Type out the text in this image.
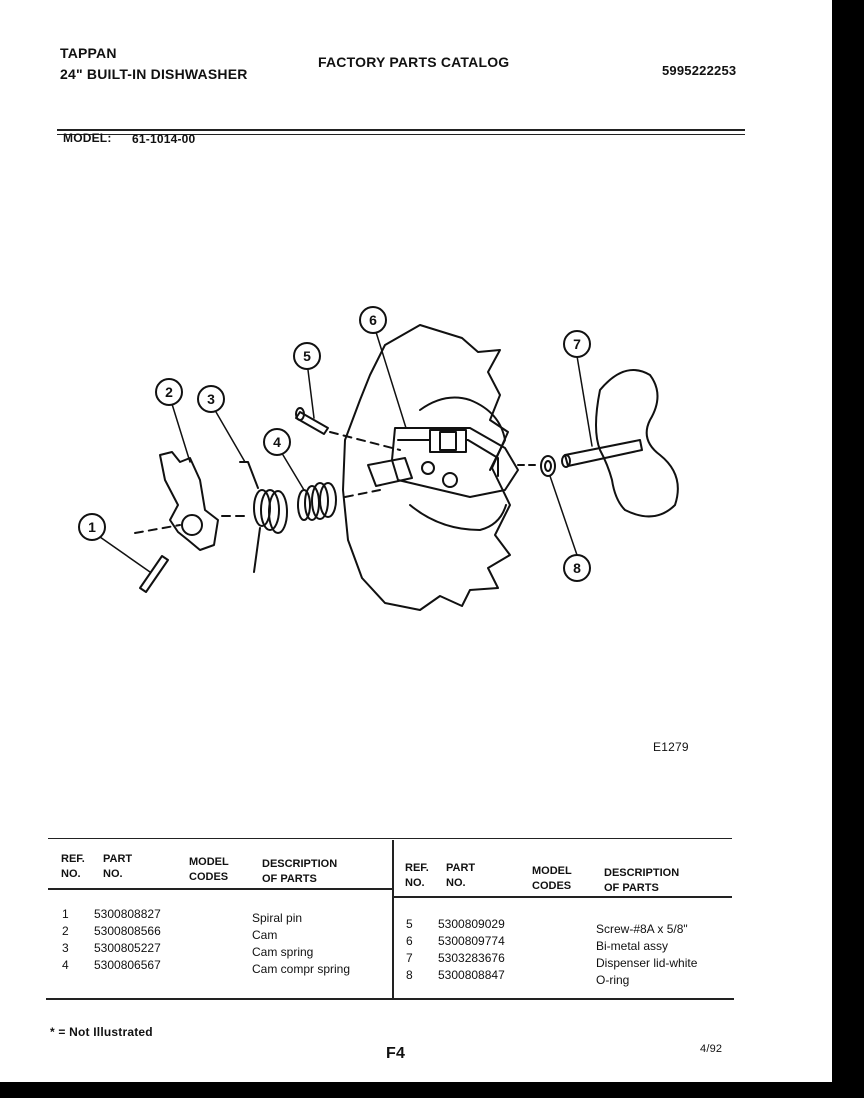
TAPPAN
24" BUILT-IN DISHWASHER
FACTORY PARTS CATALOG
5995222253
MODEL: 61-1014-00
1
2 3
4
5
6
7
8
E1279
REF.
NO.
PART
NO.
MODEL
CODES
DESCRIPTION
OF PARTS
REF.
NO.
PART
NO.
MODEL
CODES
DESCRIPTION
OF PARTS
1
2
3
4
5300808827
5300808566
5300805227
5300806567
Spiral pin
Cam
Cam spring
Cam compr spring
5
6
7
8
5300809029
5300809774
5303283676
5300808847
Screw-#8A x 5/8"
Bi-metal assy
Dispenser lid-white
O-ring
* = Not Illustrated
F4	4/92
